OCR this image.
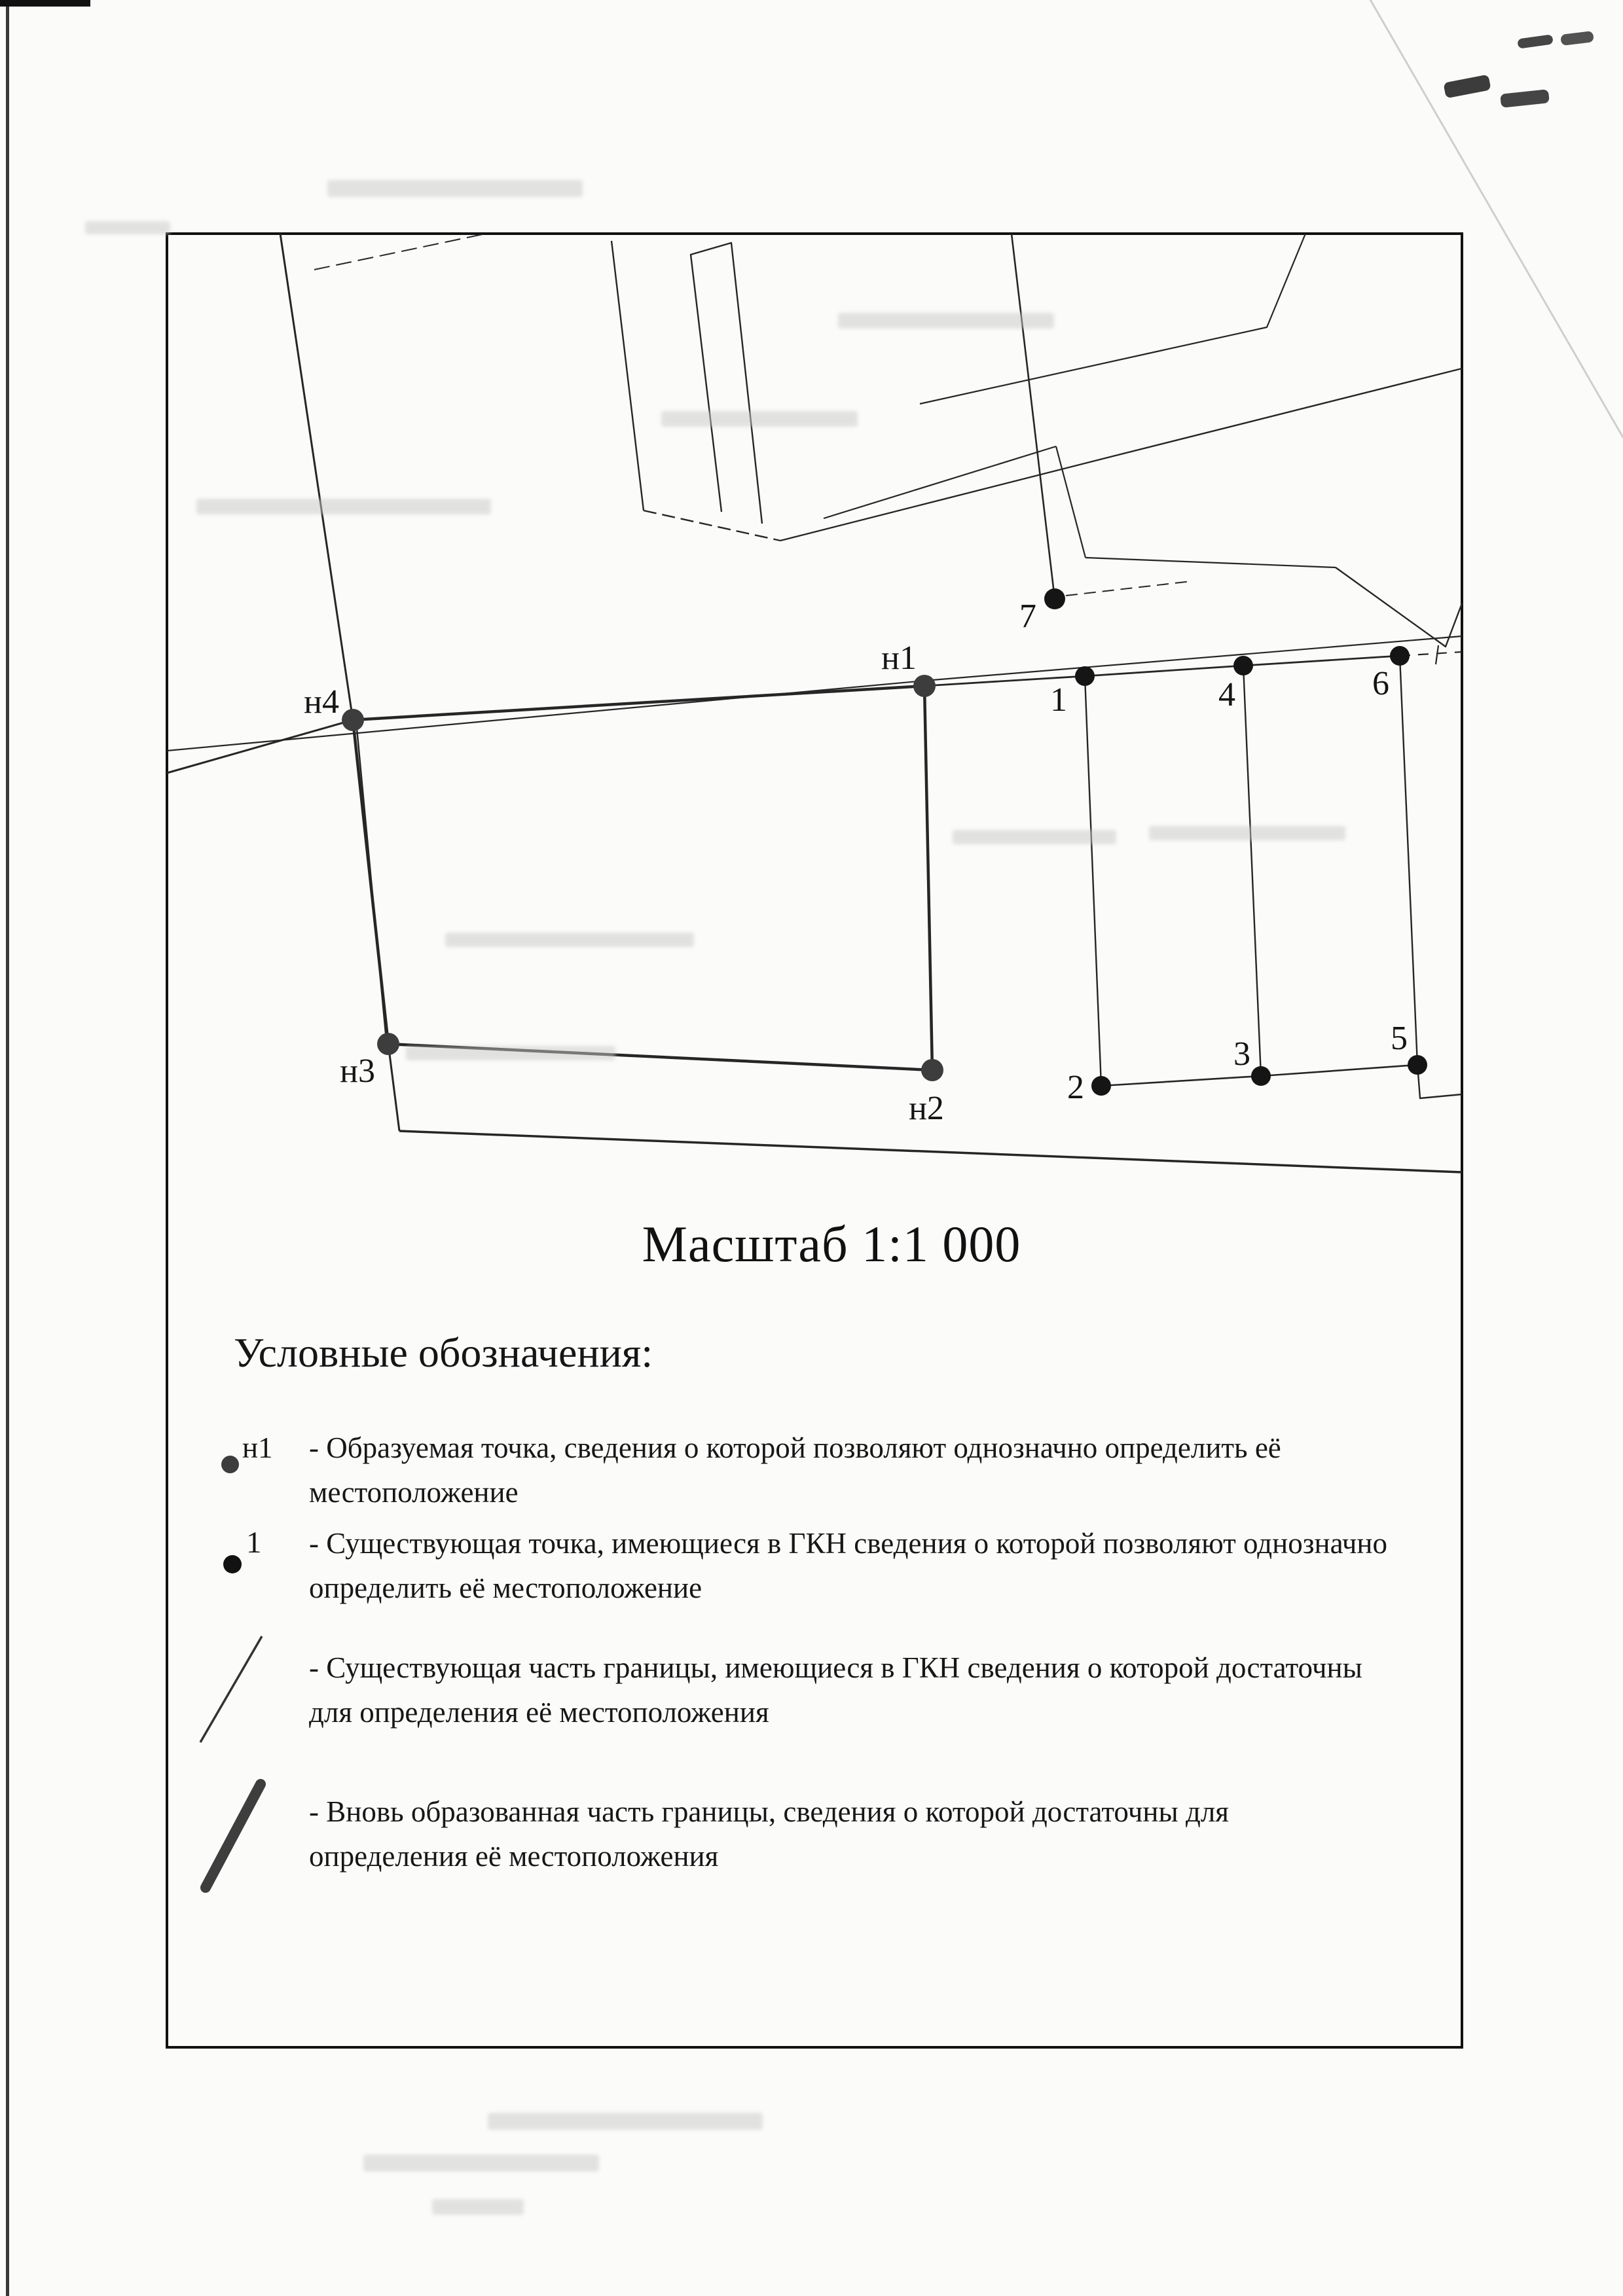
н1
н2
н3
н4	1
2
3
4
5
6
7
Масштаб 1:1 000
Условные обозначения:
н1 - Образуемая точка, сведения о которой позволяют однозначно определить её местоположение
1 - Существующая точка, имеющиеся в ГКН сведения о которой позволяют однозначно определить её местоположение
- Существующая часть границы, имеющиеся в ГКН сведения о которой достаточны для определения её местоположения
- Вновь образованная часть границы, сведения о которой достаточны для определения её местоположения
